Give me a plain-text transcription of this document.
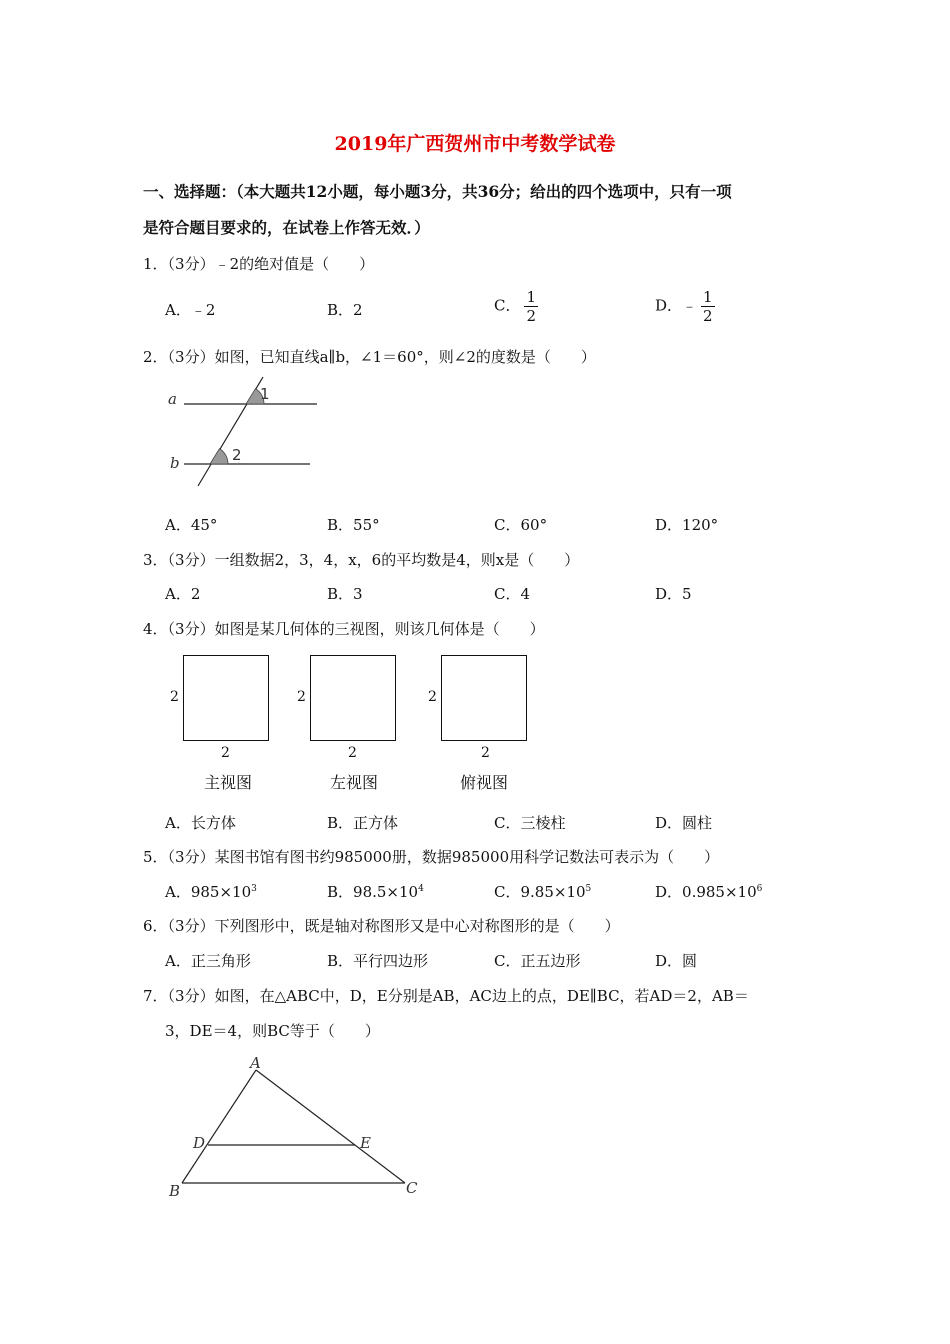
2019年广西贺州市中考数学试卷
一、选择题：（本大题共12小题，每小题3分，共36分；给出的四个选项中，只有一项
是符合题目要求的，在试卷上作答无效．）
1．（3分）﹣2的绝对值是（　　）
A．﹣2	B．2	C． $\frac{1}{2}$	D．﹣ $\frac{1}{2}$
2．（3分）如图，已知直线a∥b，∠1＝60°，则∠2的度数是（　　）
a
b
1
2
A．45°	B．55°	C．60°	D．120°
3．（3分）一组数据2，3，4，x，6的平均数是4，则x是（　　）
A．2	B．3	C．4	D．5
4．（3分）如图是某几何体的三视图，则该几何体是（　　）
2
2
主视图
2
2
左视图
2
2
俯视图
A．长方体	B．正方体	C．三棱柱	D．圆柱
5．（3分）某图书馆有图书约985000册，数据985000用科学记数法可表示为（　　）
A．$985\times 10^3$	B．$98.5\times 10^4$	C．$9.85\times 10^5$	D．$0.985\times 10^6$
6．（3分）下列图形中，既是轴对称图形又是中心对称图形的是（　　）
A．正三角形	B．平行四边形	C．正五边形	D．圆
7．（3分）如图，在△ABC中，D，E分别是AB，AC边上的点，DE∥BC，若AD＝2，AB＝
3，DE＝4，则BC等于（　　）
A
D	E
B	C
